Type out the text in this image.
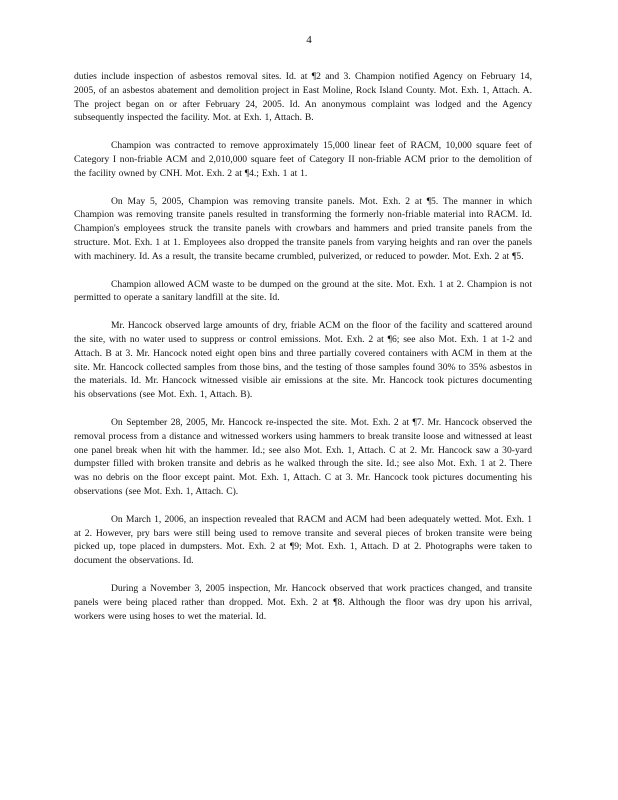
4

duties include inspection of asbestos removal sites. Id. at ¶2 and 3. Champion notified Agency on February 14, 2005, of an asbestos abatement and demolition project in East Moline, Rock Island County. Mot. Exh. 1, Attach. A. The project began on or after February 24, 2005. Id. An anonymous complaint was lodged and the Agency subsequently inspected the facility. Mot. at Exh. 1, Attach. B.

Champion was contracted to remove approximately 15,000 linear feet of RACM, 10,000 square feet of Category I non-friable ACM and 2,010,000 square feet of Category II non-friable ACM prior to the demolition of the facility owned by CNH. Mot. Exh. 2 at ¶4.; Exh. 1 at 1.

On May 5, 2005, Champion was removing transite panels. Mot. Exh. 2 at ¶5. The manner in which Champion was removing transite panels resulted in transforming the formerly non-friable material into RACM. Id. Champion's employees struck the transite panels with crowbars and hammers and pried transite panels from the structure. Mot. Exh. 1 at 1. Employees also dropped the transite panels from varying heights and ran over the panels with machinery. Id. As a result, the transite became crumbled, pulverized, or reduced to powder. Mot. Exh. 2 at ¶5.

Champion allowed ACM waste to be dumped on the ground at the site. Mot. Exh. 1 at 2. Champion is not permitted to operate a sanitary landfill at the site. Id.

Mr. Hancock observed large amounts of dry, friable ACM on the floor of the facility and scattered around the site, with no water used to suppress or control emissions. Mot. Exh. 2 at ¶6; see also Mot. Exh. 1 at 1-2 and Attach. B at 3. Mr. Hancock noted eight open bins and three partially covered containers with ACM in them at the site. Mr. Hancock collected samples from those bins, and the testing of those samples found 30% to 35% asbestos in the materials. Id. Mr. Hancock witnessed visible air emissions at the site. Mr. Hancock took pictures documenting his observations (see Mot. Exh. 1, Attach. B).

On September 28, 2005, Mr. Hancock re-inspected the site. Mot. Exh. 2 at ¶7. Mr. Hancock observed the removal process from a distance and witnessed workers using hammers to break transite loose and witnessed at least one panel break when hit with the hammer. Id.; see also Mot. Exh. 1, Attach. C at 2. Mr. Hancock saw a 30-yard dumpster filled with broken transite and debris as he walked through the site. Id.; see also Mot. Exh. 1 at 2. There was no debris on the floor except paint. Mot. Exh. 1, Attach. C at 3. Mr. Hancock took pictures documenting his observations (see Mot. Exh. 1, Attach. C).

On March 1, 2006, an inspection revealed that RACM and ACM had been adequately wetted. Mot. Exh. 1 at 2. However, pry bars were still being used to remove transite and several pieces of broken transite were being picked up, tope placed in dumpsters. Mot. Exh. 2 at ¶9; Mot. Exh. 1, Attach. D at 2. Photographs were taken to document the observations. Id.

During a November 3, 2005 inspection, Mr. Hancock observed that work practices changed, and transite panels were being placed rather than dropped. Mot. Exh. 2 at ¶8. Although the floor was dry upon his arrival, workers were using hoses to wet the material. Id.
